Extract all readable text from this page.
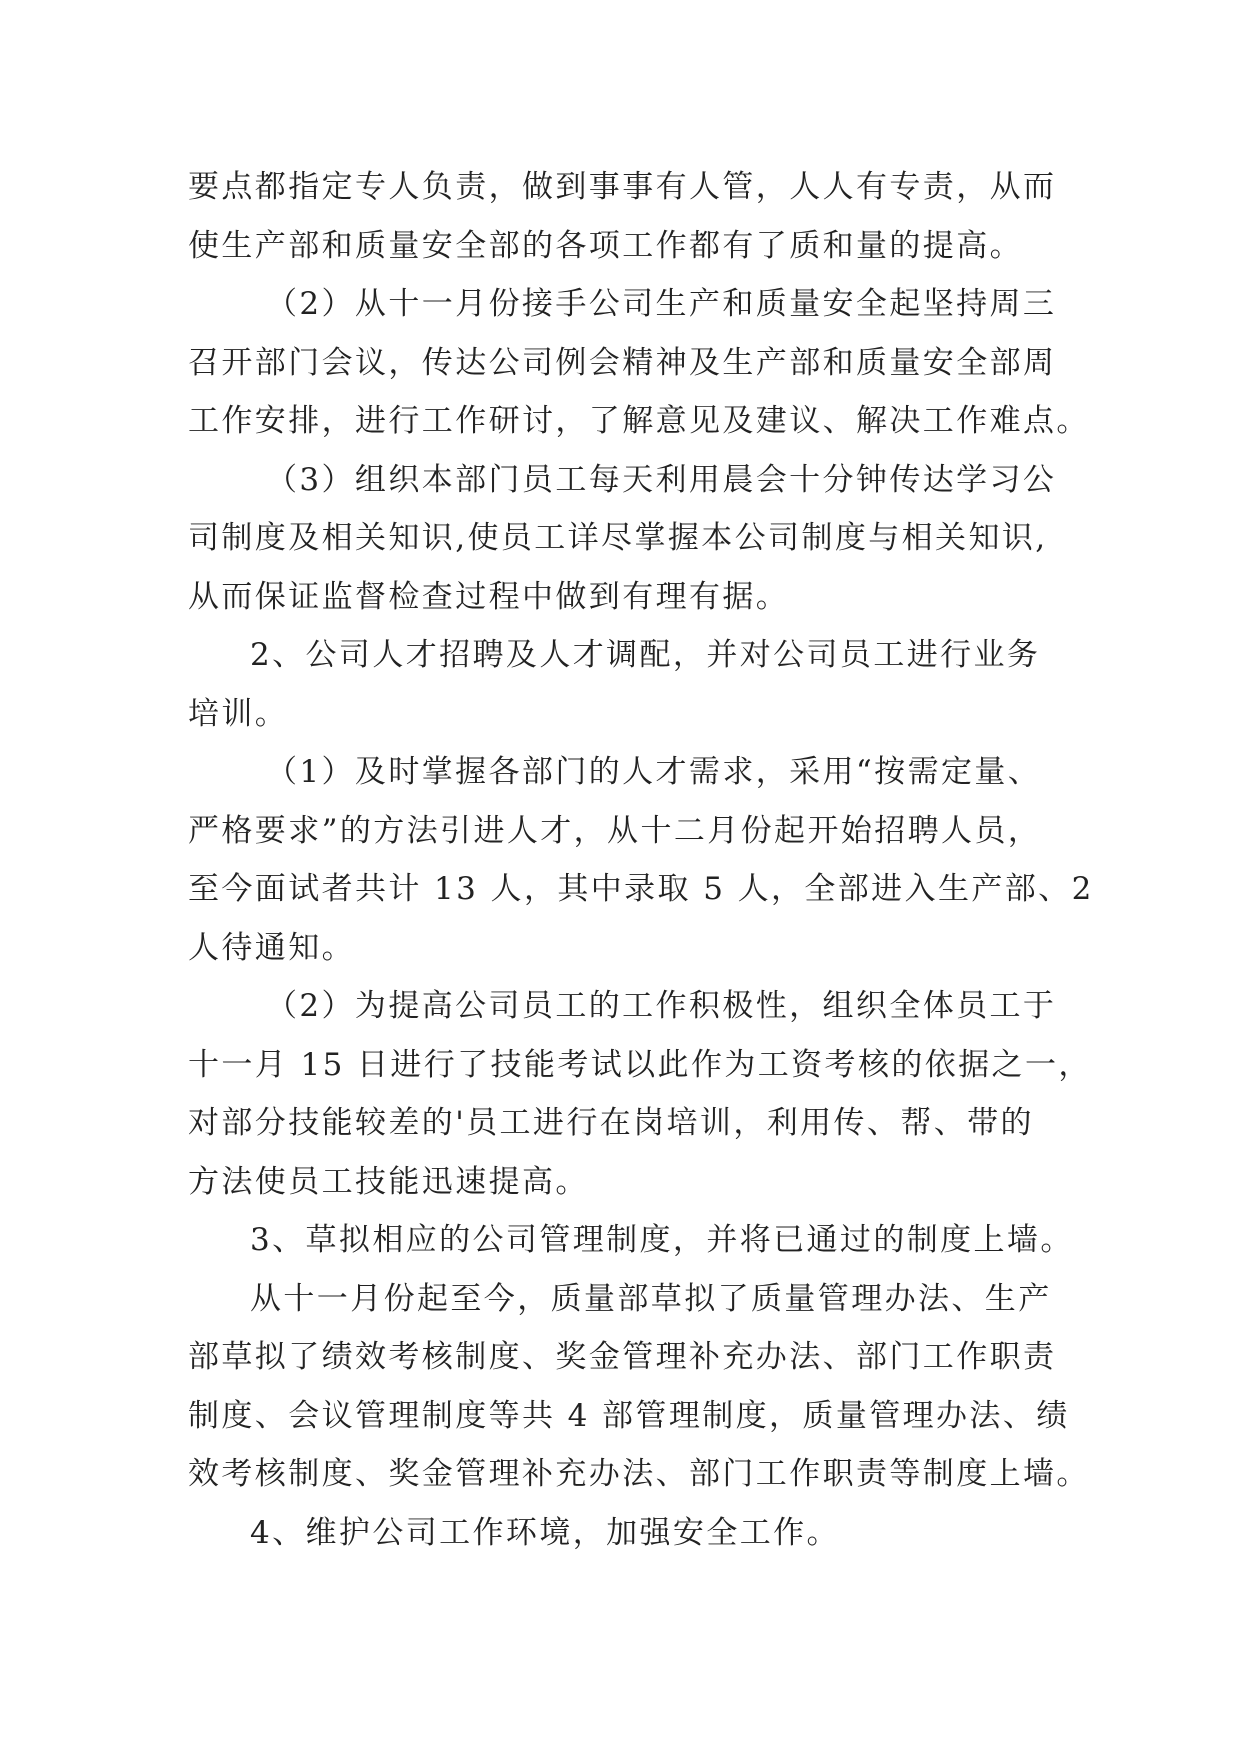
要点都指定专人负责，做到事事有人管，人人有专责，从而
使生产部和质量安全部的各项工作都有了质和量的提高。
（2）从十一月份接手公司生产和质量安全起坚持周三
召开部门会议，传达公司例会精神及生产部和质量安全部周
工作安排，进行工作研讨，了解意见及建议、解决工作难点。
（3）组织本部门员工每天利用晨会十分钟传达学习公
司制度及相关知识,使员工详尽掌握本公司制度与相关知识,
从而保证监督检查过程中做到有理有据。
2、公司人才招聘及人才调配，并对公司员工进行业务
培训。
（1）及时掌握各部门的人才需求，采用“按需定量、
严格要求”的方法引进人才，从十二月份起开始招聘人员，
至今面试者共计 13 人，其中录取 5 人，全部进入生产部、2
人待通知。
（2）为提高公司员工的工作积极性，组织全体员工于
十一月 15 日进行了技能考试以此作为工资考核的依据之一，
对部分技能较差的'员工进行在岗培训，利用传、帮、带的
方法使员工技能迅速提高。
3、草拟相应的公司管理制度，并将已通过的制度上墙。
从十一月份起至今，质量部草拟了质量管理办法、生产
部草拟了绩效考核制度、奖金管理补充办法、部门工作职责
制度、会议管理制度等共 4 部管理制度，质量管理办法、绩
效考核制度、奖金管理补充办法、部门工作职责等制度上墙。
4、维护公司工作环境，加强安全工作。
